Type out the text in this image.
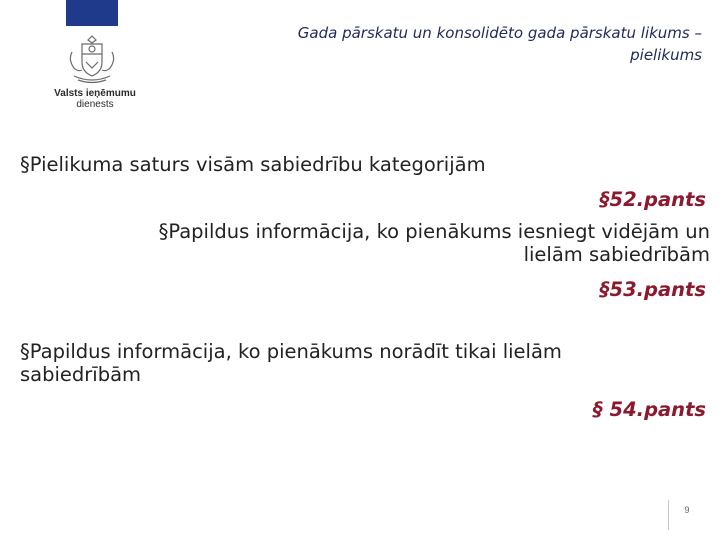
Valsts ieņēmumu
dienests
Gada pārskatu un konsolidēto gada pārskatu likums –
pielikums
§Pielikuma saturs visām sabiedrību kategorijām
§52.pants
§Papildus informācija, ko pienākums iesniegt vidējām un
lielām sabiedrībām
§53.pants
§Papildus informācija, ko pienākums norādīt tikai lielām
sabiedrībām
§ 54.pants
9
